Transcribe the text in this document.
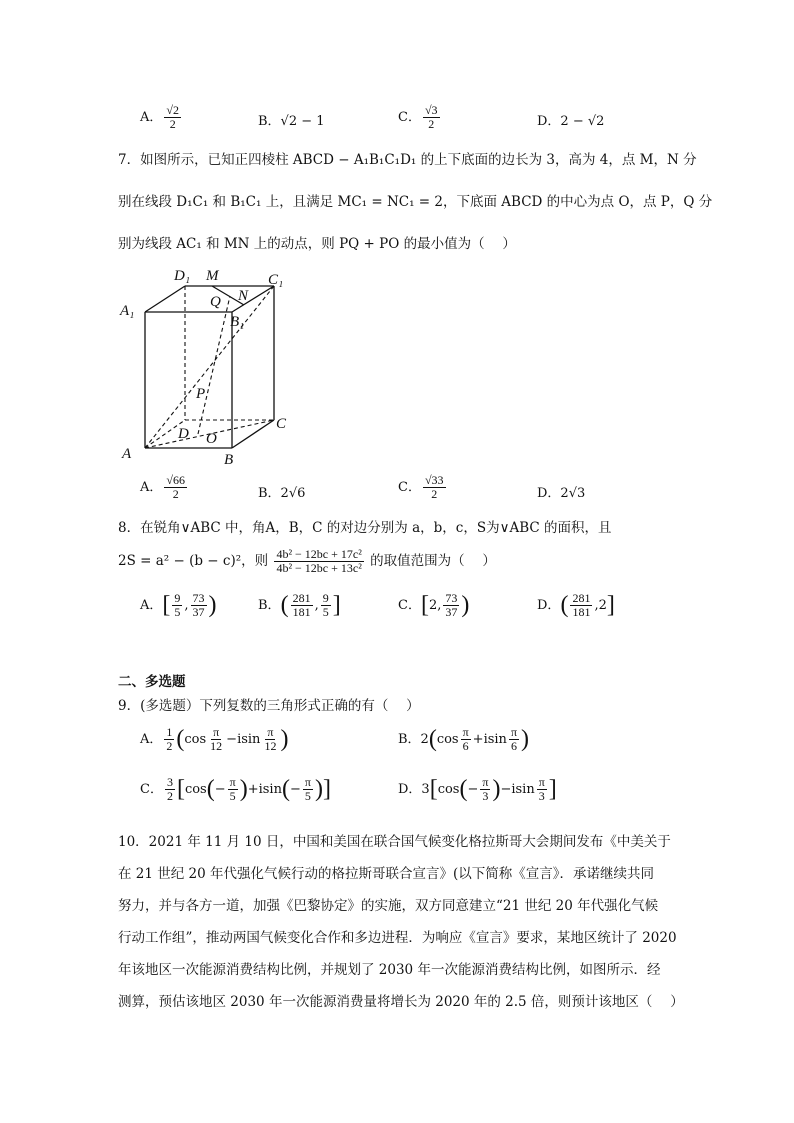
A． $\frac{√2}{2}$	B．√2 − 1	C． $\frac{√3}{2}$	D．2 − √2
7．如图所示，已知正四棱柱 ABCD − A₁B₁C₁D₁ 的上下底面的边长为 3，高为 4，点 M，N 分
别在线段 D₁C₁ 和 B₁C₁ 上，且满足 MC₁ = NC₁ = 2，下底面 ABCD 的中心为点 O，点 P，Q 分
别为线段 AC₁ 和 MN 上的动点，则 PQ + PO 的最小值为（　 ）
D₁ M	C₁
A₁
Q N
B₁
P
D O
C
A	B
A． $\frac{√66}{2}$	B．2√6	C． $\frac{√33}{2}$	D．2√3
8．在锐角∨ABC 中，角A，B，C 的对边分别为 a，b，c，S为∨ABC 的面积，且
2S = a² − (b − c)²，则 $\frac{\text{4b² − 12bc + 17c²}}{\text{4b² − 12bc + 13c²}}$ 的取值范围为（　 ）
A．[ $\frac{9}{5}$ , $\frac{73}{37}$ )	B．( $\frac{281}{181}$ , $\frac{9}{5}$ ]	C．[2, $\frac{73}{37}$ )	D．( $\frac{281}{181} ,2$]
二、多选题
9．(多选题）下列复数的三角形式正确的有（　 ）
A． $\frac{1}{2} (\cos \frac{\pi}{12} -isin \frac{\pi}{12}$ )	B．$2(\cos \frac{\pi}{6} +isin \frac{\pi}{6}$ )
C． $\frac{3}{2} [\cos(- \frac{\pi}{5} )+isin(- \frac{\pi}{5}$ )]	D．$3[\cos(- \frac{\pi}{3} )-isin \frac{\pi}{3}$ ]
10．2021 年 11 月 10 日，中国和美国在联合国气候变化格拉斯哥大会期间发布《中美关于
在 21 世纪 20 年代强化气候行动的格拉斯哥联合宣言》(以下简称《宣言》．承诺继续共同
努力，并与各方一道，加强《巴黎协定》的实施，双方同意建立“21 世纪 20 年代强化气候
行动工作组”，推动两国气候变化合作和多边进程．为响应《宣言》要求，某地区统计了 2020
年该地区一次能源消费结构比例，并规划了 2030 年一次能源消费结构比例，如图所示．经
测算，预估该地区 2030 年一次能源消费量将增长为 2020 年的 2.5 倍，则预计该地区（　 ）
